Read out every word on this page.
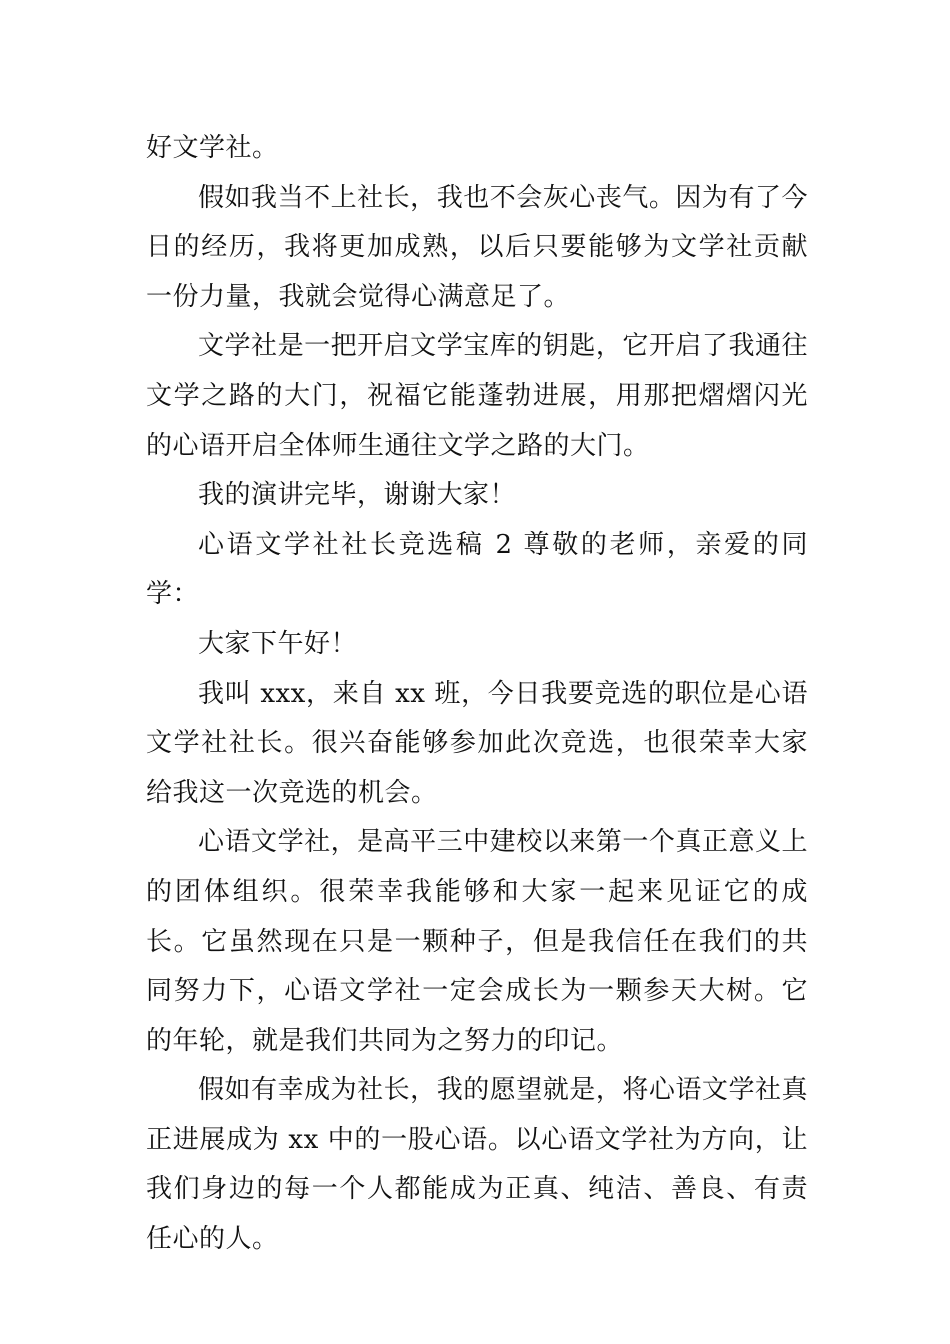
好文学社。

假如我当不上社长，我也不会灰心丧气。因为有了今日的经历，我将更加成熟，以后只要能够为文学社贡献一份力量，我就会觉得心满意足了。

文学社是一把开启文学宝库的钥匙，它开启了我通往文学之路的大门，祝福它能蓬勃进展，用那把熠熠闪光的心语开启全体师生通往文学之路的大门。

我的演讲完毕，谢谢大家！

心语文学社社长竞选稿 2 尊敬的老师，亲爱的同学：

大家下午好！

我叫 xxx，来自 xx 班，今日我要竞选的职位是心语文学社社长。很兴奋能够参加此次竞选，也很荣幸大家给我这一次竞选的机会。

心语文学社，是高平三中建校以来第一个真正意义上的团体组织。很荣幸我能够和大家一起来见证它的成长。它虽然现在只是一颗种子，但是我信任在我们的共同努力下，心语文学社一定会成长为一颗参天大树。它的年轮，就是我们共同为之努力的印记。

假如有幸成为社长，我的愿望就是，将心语文学社真正进展成为 xx 中的一股心语。以心语文学社为方向，让我们身边的每一个人都能成为正真、纯洁、善良、有责任心的人。
